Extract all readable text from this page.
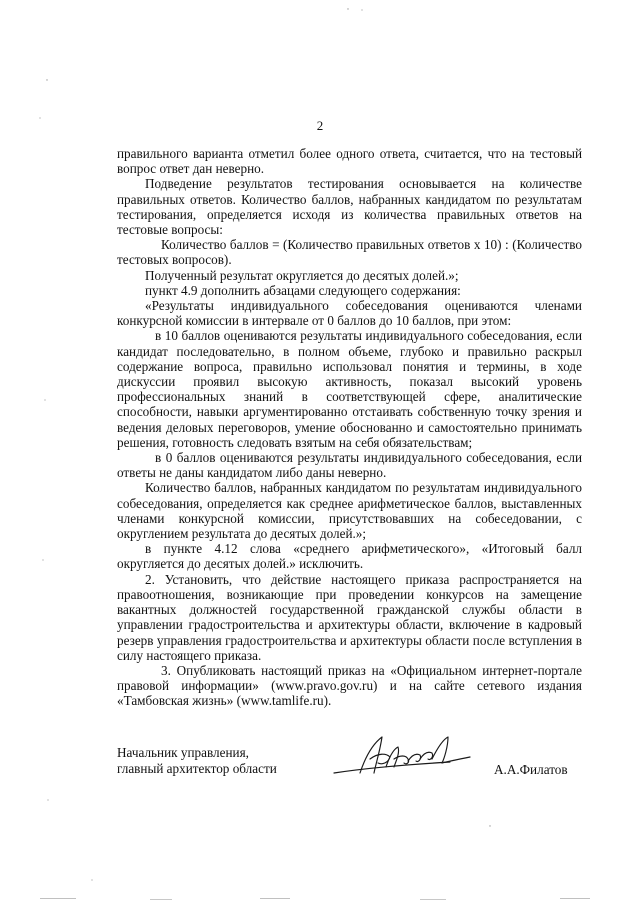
2

правильного варианта отметил более одного ответа, считается, что на тестовый вопрос ответ дан неверно.

Подведение результатов тестирования основывается на количестве правильных ответов. Количество баллов, набранных кандидатом по результатам тестирования, определяется исходя из количества правильных ответов на тестовые вопросы:

Количество баллов = (Количество правильных ответов x 10) : (Количество тестовых вопросов).

Полученный результат округляется до десятых долей.»;

пункт 4.9 дополнить абзацами следующего содержания:

«Результаты индивидуального собеседования оцениваются членами конкурсной комиссии в интервале от 0 баллов до 10 баллов, при этом:

в 10 баллов оцениваются результаты индивидуального собеседования, если кандидат последовательно, в полном объеме, глубоко и правильно раскрыл содержание вопроса, правильно использовал понятия и термины, в ходе дискуссии проявил высокую активность, показал высокий уровень профессиональных знаний в соответствующей сфере, аналитические способности, навыки аргументированно отстаивать собственную точку зрения и ведения деловых переговоров, умение обоснованно и самостоятельно принимать решения, готовность следовать взятым на себя обязательствам;

в 0 баллов оцениваются результаты индивидуального собеседования, если ответы не даны кандидатом либо даны неверно.

Количество баллов, набранных кандидатом по результатам индивидуального собеседования, определяется как среднее арифметическое баллов, выставленных членами конкурсной комиссии, присутствовавших на собеседовании, с округлением результата до десятых долей.»;

в пункте 4.12 слова «среднего арифметического», «Итоговый балл округляется до десятых долей.» исключить.

2. Установить, что действие настоящего приказа распространяется на правоотношения, возникающие при проведении конкурсов на замещение вакантных должностей государственной гражданской службы области в управлении градостроительства и архитектуры области, включение в кадровый резерв управления градостроительства и архитектуры области после вступления в силу настоящего приказа.

3. Опубликовать настоящий приказ на «Официальном интернет-портале правовой информации» (www.pravo.gov.ru) и на сайте сетевого издания «Тамбовская жизнь» (www.tamlife.ru).

Начальник управления,
главный архитектор области	А.А.Филатов
